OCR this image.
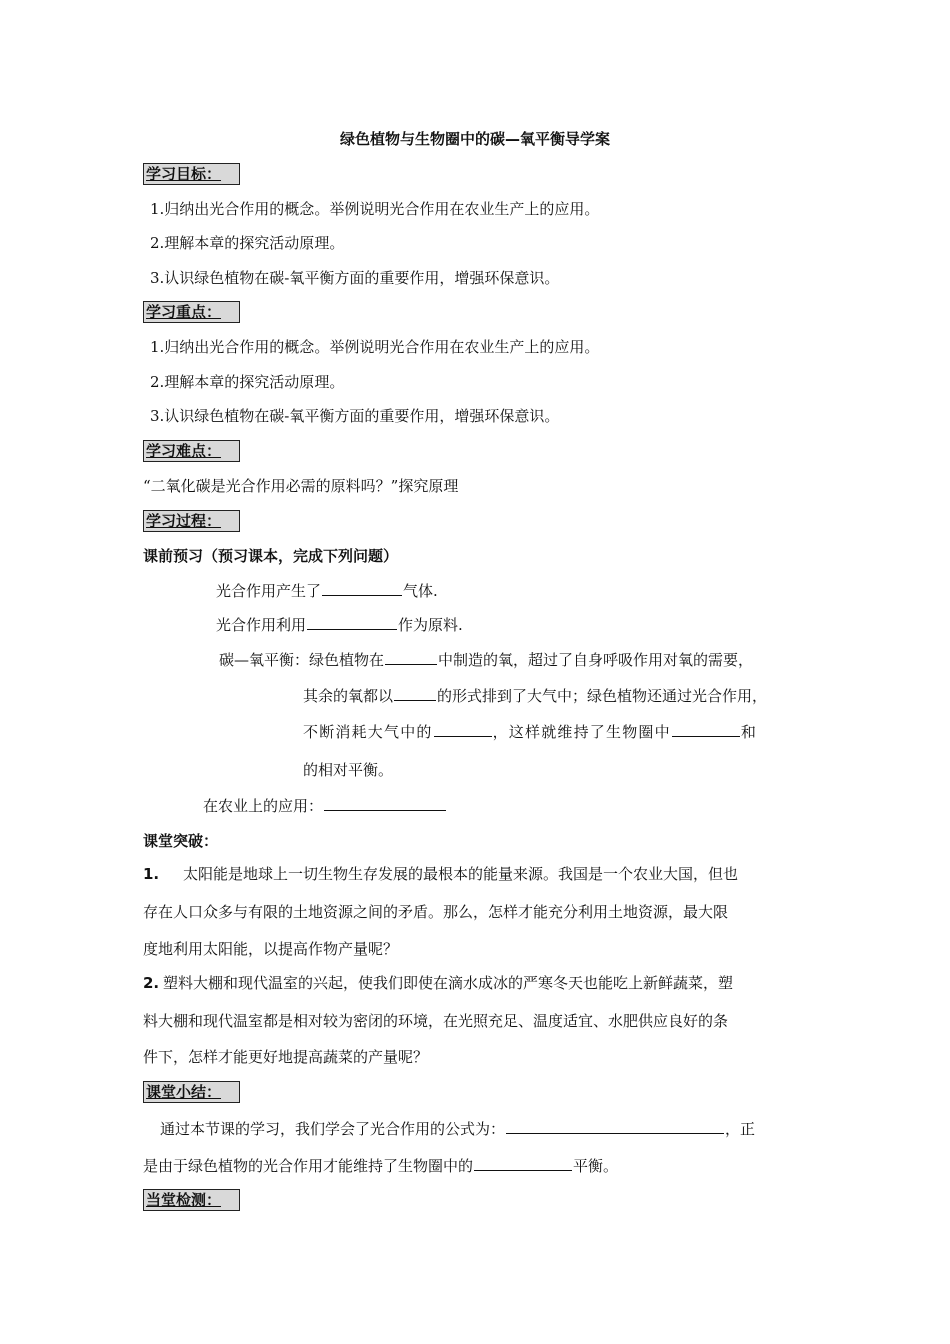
绿色植物与生物圈中的碳—氧平衡导学案
学习目标：
1.归纳出光合作用的概念。举例说明光合作用在农业生产上的应用。
2.理解本章的探究活动原理。
3.认识绿色植物在碳-氧平衡方面的重要作用，增强环保意识。
学习重点：
1.归纳出光合作用的概念。举例说明光合作用在农业生产上的应用。
2.理解本章的探究活动原理。
3.认识绿色植物在碳-氧平衡方面的重要作用，增强环保意识。
学习难点：
“二氧化碳是光合作用必需的原料吗？”探究原理
学习过程：
课前预习（预习课本，完成下列问题）
光合作用产生了	气体.
光合作用利用	作为原料.
碳—氧平衡：绿色植物在	中制造的氧，超过了自身呼吸作用对氧的需要，
其余的氧都以	的形式排到了大气中；绿色植物还通过光合作用，
不断消耗大气中的	，这样就维持了生物圈中	和
的相对平衡。
在农业上的应用：
课堂突破：
1. 太阳能是地球上一切生物生存发展的最根本的能量来源。我国是一个农业大国，但也
存在人口众多与有限的土地资源之间的矛盾。那么，怎样才能充分利用土地资源，最大限
度地利用太阳能，以提高作物产量呢？
2. 塑料大棚和现代温室的兴起，使我们即使在滴水成冰的严寒冬天也能吃上新鲜蔬菜，塑
料大棚和现代温室都是相对较为密闭的环境，在光照充足、温度适宜、水肥供应良好的条
件下，怎样才能更好地提高蔬菜的产量呢？
课堂小结：
通过本节课的学习，我们学会了光合作用的公式为：	，正
是由于绿色植物的光合作用才能维持了生物圈中的	平衡。
当堂检测：
